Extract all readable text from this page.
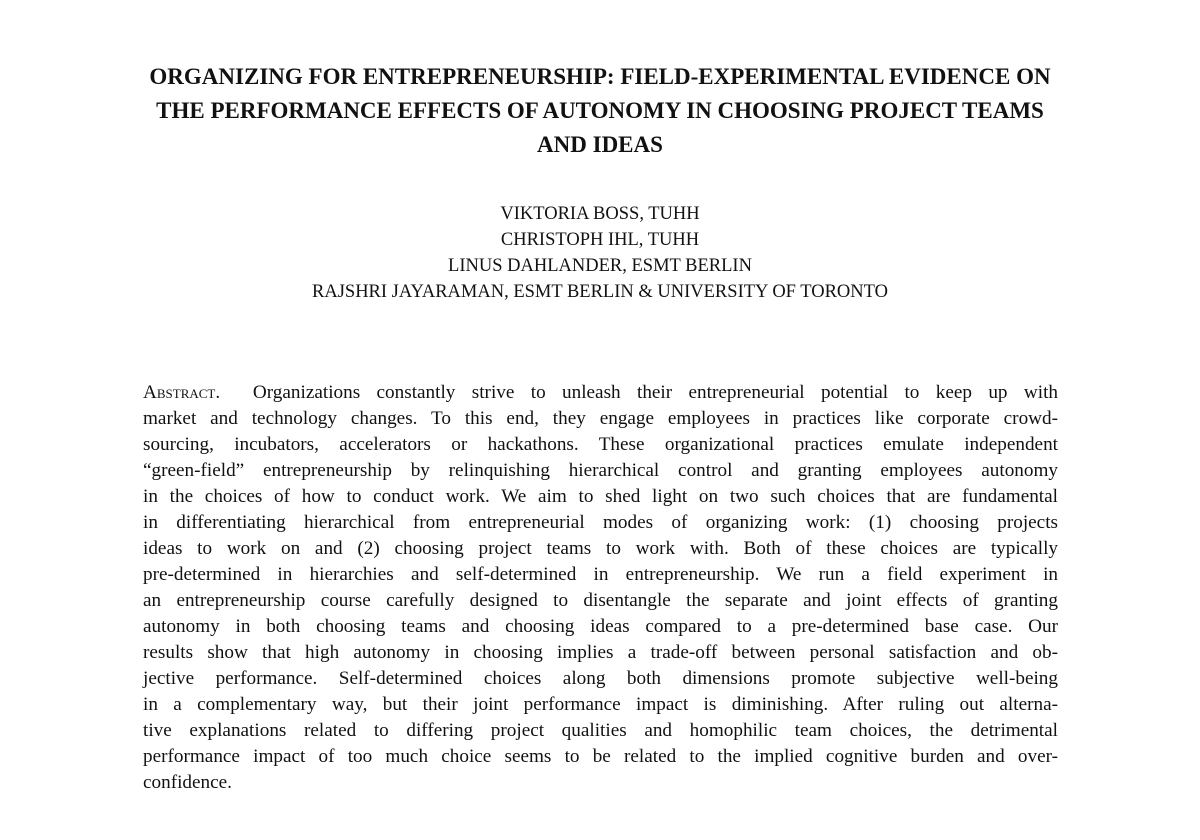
ORGANIZING FOR ENTREPRENEURSHIP: FIELD-EXPERIMENTAL EVIDENCE ON
THE PERFORMANCE EFFECTS OF AUTONOMY IN CHOOSING PROJECT TEAMS
AND IDEAS
VIKTORIA BOSS, TUHH
CHRISTOPH IHL, TUHH
LINUS DAHLANDER, ESMT BERLIN
RAJSHRI JAYARAMAN, ESMT BERLIN & UNIVERSITY OF TORONTO
Abstract. Organizations constantly strive to unleash their entrepreneurial potential to keep up with
market and technology changes. To this end, they engage employees in practices like corporate crowd-
sourcing, incubators, accelerators or hackathons. These organizational practices emulate independent
“green-field” entrepreneurship by relinquishing hierarchical control and granting employees autonomy
in the choices of how to conduct work. We aim to shed light on two such choices that are fundamental
in differentiating hierarchical from entrepreneurial modes of organizing work: (1) choosing projects
ideas to work on and (2) choosing project teams to work with. Both of these choices are typically
pre-determined in hierarchies and self-determined in entrepreneurship. We run a field experiment in
an entrepreneurship course carefully designed to disentangle the separate and joint effects of granting
autonomy in both choosing teams and choosing ideas compared to a pre-determined base case. Our
results show that high autonomy in choosing implies a trade-off between personal satisfaction and ob-
jective performance. Self-determined choices along both dimensions promote subjective well-being
in a complementary way, but their joint performance impact is diminishing. After ruling out alterna-
tive explanations related to differing project qualities and homophilic team choices, the detrimental
performance impact of too much choice seems to be related to the implied cognitive burden and over-
confidence.
